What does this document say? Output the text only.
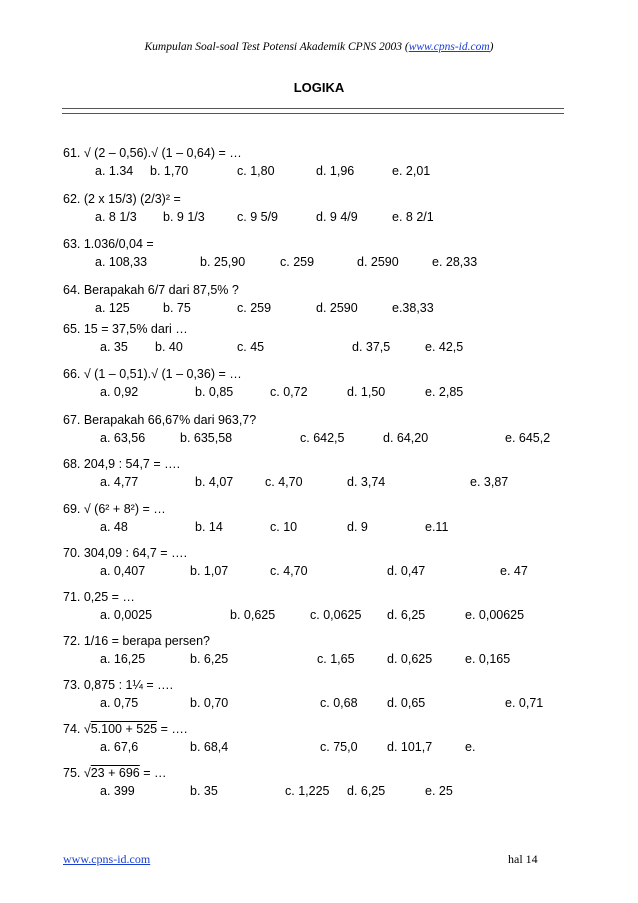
Kumpulan Soal-soal Test Potensi Akademik CPNS 2003 (www.cpns-id.com)
LOGIKA
61. √ (2 – 0,56).√ (1 – 0,64) = …
a. 1.34 b. 1,70	c. 1,80	d. 1,96	e. 2,01
62. (2 x 15/3) (2/3)² =
a. 8 1/3 b. 9 1/3	c. 9 5/9	d. 9 4/9	e. 8 2/1
63. 1.036/0,04 =
a. 108,33	b. 25,90	c. 259	d. 2590	e. 28,33
64. Berapakah 6/7 dari 87,5% ?
a. 125	b. 75	c. 259	d. 2590	e.38,33
65. 15 = 37,5% dari …
a. 35 b. 40	c. 45	d. 37,5	e. 42,5
66. √ (1 – 0,51).√ (1 – 0,36) = …
a. 0,92	b. 0,85	c. 0,72	d. 1,50	e. 2,85
67. Berapakah 66,67% dari 963,7?
a. 63,56	b. 635,58	c. 642,5	d. 64,20	e. 645,2
68. 204,9 : 54,7 = ….
a. 4,77	b. 4,07	c. 4,70	d. 3,74	e. 3,87
69. √ (6² + 8²) = …
a. 48	b. 14	c. 10	d. 9	e.11
70. 304,09 : 64,7 = ….
a. 0,407	b. 1,07	c. 4,70	d. 0,47	e. 47
71. 0,25 = …
a. 0,0025	b. 0,625	c. 0,0625 d. 6,25	e. 0,00625
72. 1/16 = berapa persen?
a. 16,25	b. 6,25	c. 1,65	d. 0,625	e. 0,165
73. 0,875 : 1¼ = ….
a. 0,75	b. 0,70	c. 0,68 d. 0,65	e. 0,71
74. √5.100 + 525 = ….
a. 67,6	b. 68,4	c. 75,0 d. 101,7	e.
75. √23 + 696 = …
a. 399	b. 35	c. 1,225 d. 6,25	e. 25
www.cpns-id.com	hal 14
